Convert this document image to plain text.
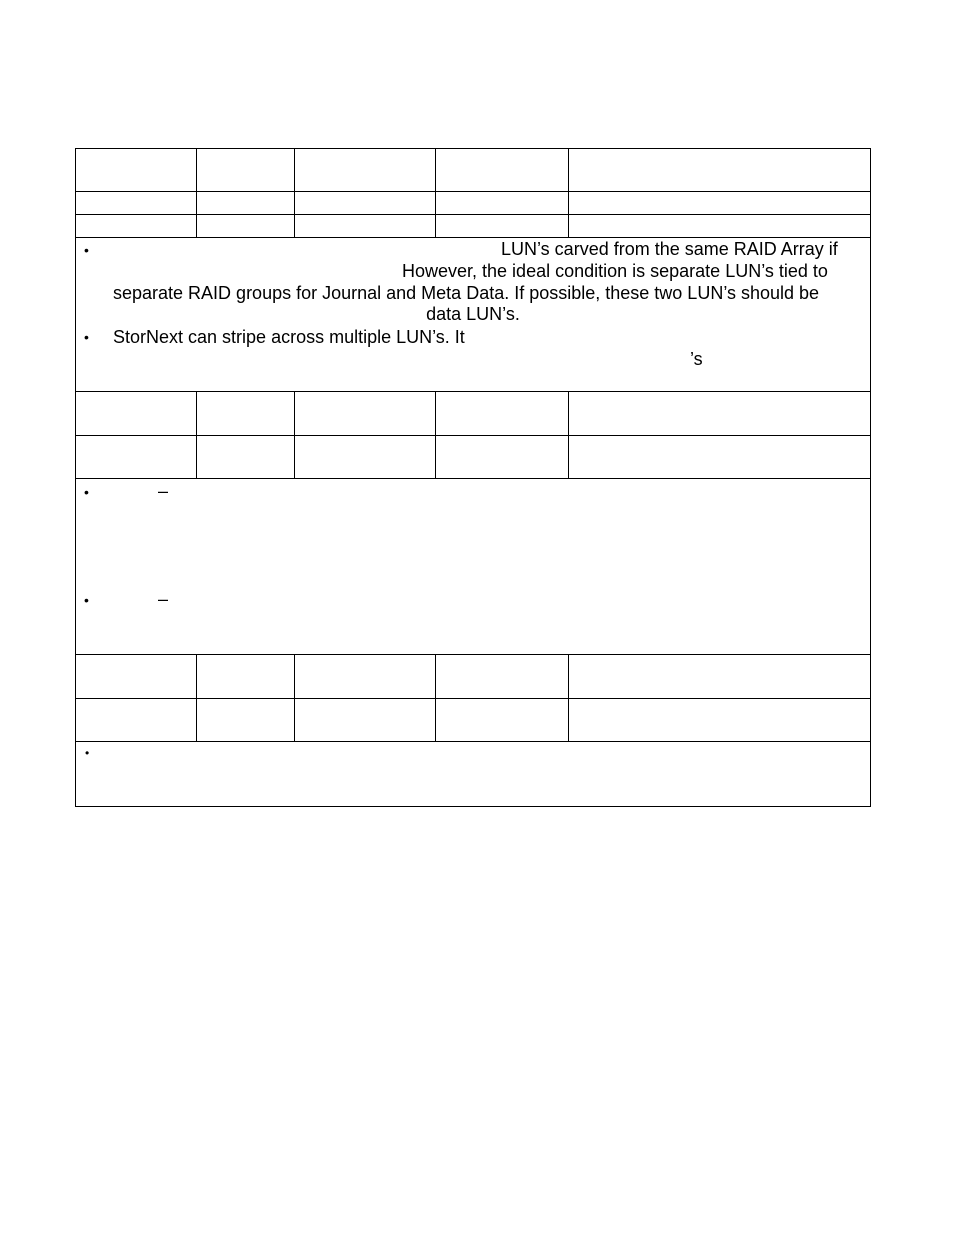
•	LUN’s carved from the same RAID Array if
However, the ideal condition is separate LUN’s tied to
separate RAID groups for Journal and Meta Data. If possible, these two LUN’s should be
data LUN’s.
• StorNext can stripe across multiple LUN’s. It
’s
•	–
•	–
•
